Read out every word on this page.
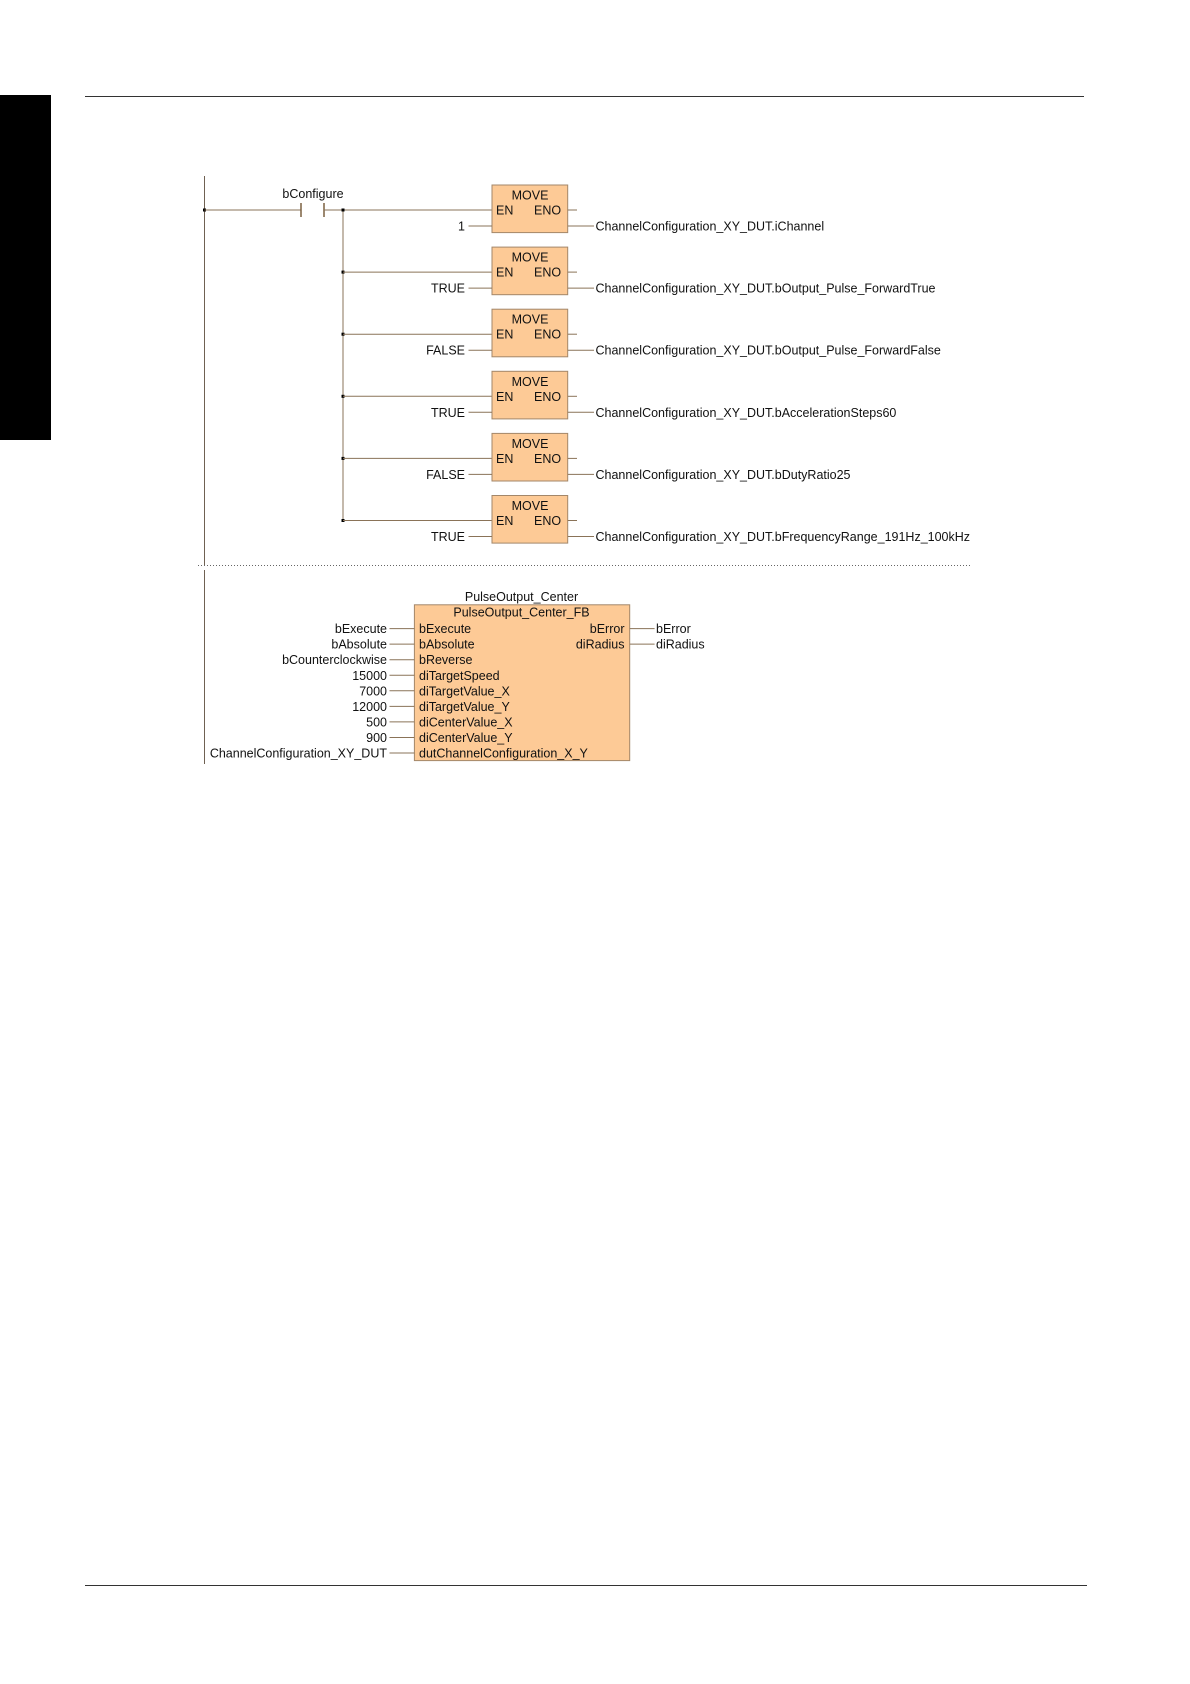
bConfigure	MOVE
EN ENO
1	ChannelConfiguration_XY_DUT.iChannel
MOVE
EN ENO
TRUE	ChannelConfiguration_XY_DUT.bOutput_Pulse_ForwardTrue
MOVE
EN ENO
FALSE	ChannelConfiguration_XY_DUT.bOutput_Pulse_ForwardFalse
MOVE
EN ENO
TRUE	ChannelConfiguration_XY_DUT.bAccelerationSteps60
MOVE
EN ENO
FALSE	ChannelConfiguration_XY_DUT.bDutyRatio25
MOVE
EN ENO
TRUE	ChannelConfiguration_XY_DUT.bFrequencyRange_191Hz_100kHz
PulseOutput_Center
PulseOutput_Center_FB
bExecute	bExecute
bAbsolute	bAbsolute
bCounterclockwise	bReverse
15000	diTargetSpeed
7000	diTargetValue_X
12000	diTargetValue_Y
500	diCenterValue_X
900	diCenterValue_Y
ChannelConfiguration_XY_DUT	dutChannelConfiguration_X_Y
bError	bError
diRadius	diRadius
